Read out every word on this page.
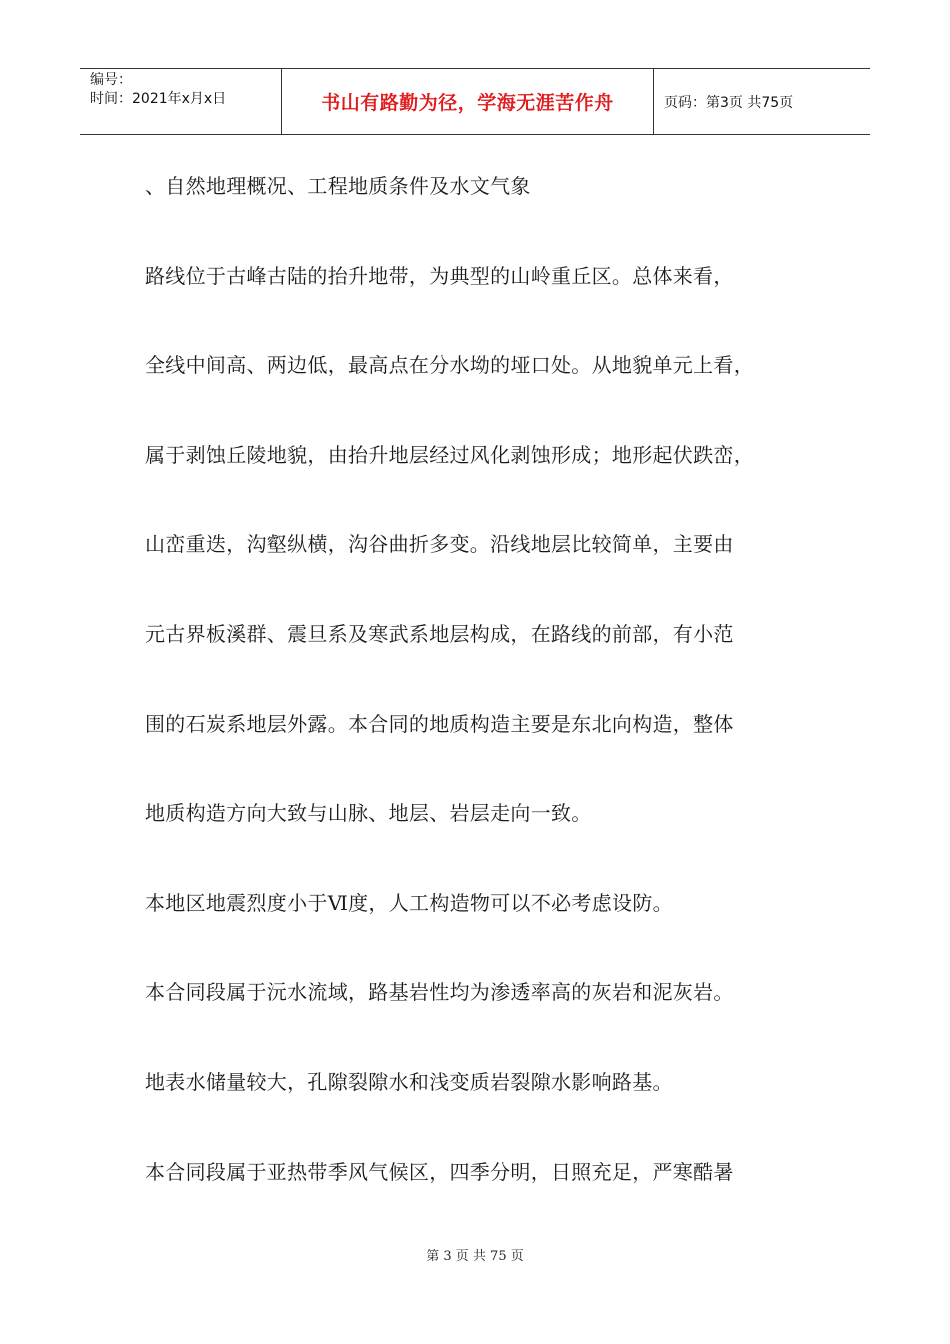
编号：
时间：2021年x月x日	书山有路勤为径，学海无涯苦作舟	页码：第3页 共75页

、自然地理概况、工程地质条件及水文气象

路线位于古峰古陆的抬升地带，为典型的山岭重丘区。总体来看，

全线中间高、两边低，最高点在分水坳的垭口处。从地貌单元上看，

属于剥蚀丘陵地貌，由抬升地层经过风化剥蚀形成；地形起伏跌峦，

山峦重迭，沟壑纵横，沟谷曲折多变。沿线地层比较简单，主要由

元古界板溪群、震旦系及寒武系地层构成，在路线的前部，有小范

围的石炭系地层外露。本合同的地质构造主要是东北向构造，整体

地质构造方向大致与山脉、地层、岩层走向一致。

本地区地震烈度小于Ⅵ度，人工构造物可以不必考虑设防。

本合同段属于沅水流域，路基岩性均为渗透率高的灰岩和泥灰岩。

地表水储量较大，孔隙裂隙水和浅变质岩裂隙水影响路基。

本合同段属于亚热带季风气候区，四季分明，日照充足，严寒酷暑

第 3 页 共 75 页
